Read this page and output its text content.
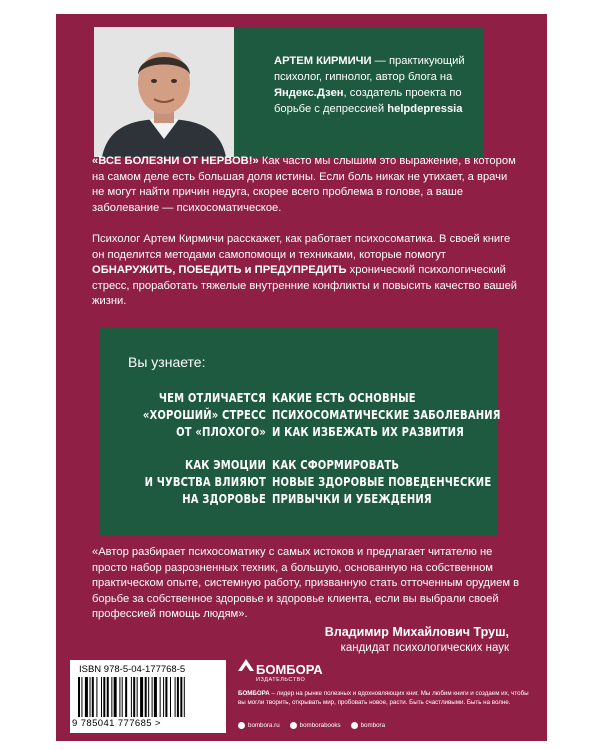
АРТЕМ КИРМИЧИ — практикующий психолог, гипнолог, автор блога на Яндекс.Дзен, создатель проекта по борьбе с депрессией helpdepressia
«ВСЕ БОЛЕЗНИ ОТ НЕРВОВ!» Как часто мы слышим это выражение, в котором на самом деле есть большая доля истины. Если боль никак не утихает, а врачи не могут найти причин недуга, скорее всего проблема в голове, а ваше заболевание — психосоматическое.
Психолог Артем Кирмичи расскажет, как работает психосоматика. В своей книге он поделится методами самопомощи и техниками, которые помогут ОБНАРУЖИТЬ, ПОБЕДИТЬ и ПРЕДУПРЕДИТЬ хронический психологический стресс, проработать тяжелые внутренние конфликты и повысить качество вашей жизни.
Вы узнаете:
ЧЕМ ОТЛИЧАЕТСЯ
«ХОРОШИЙ» СТРЕСС
ОТ «ПЛОХОГО»
КАКИЕ ЕСТЬ ОСНОВНЫЕ
ПСИХОСОМАТИЧЕСКИЕ ЗАБОЛЕВАНИЯ
И КАК ИЗБЕЖАТЬ ИХ РАЗВИТИЯ
КАК ЭМОЦИИ
И ЧУВСТВА ВЛИЯЮТ
НА ЗДОРОВЬЕ
КАК СФОРМИРОВАТЬ
НОВЫЕ ЗДОРОВЫЕ ПОВЕДЕНЧЕСКИЕ
ПРИВЫЧКИ И УБЕЖДЕНИЯ
«Автор разбирает психосоматику с самых истоков и предлагает читателю не просто набор разрозненных техник, а большую, основанную на собственном практическом опыте, системную работу, призванную стать отточенным орудием в борьбе за собственное здоровье и здоровье клиента, если вы выбрали своей профессией помощь людям».
Владимир Михайлович Труш,
кандидат психологических наук
ISBN 978-5-04-177768-5
9 785041 777685 >
БОМБОРА
ИЗДАТЕЛЬСТВО
БОМБОРА – лидер на рынке полезных и вдохновляющих книг. Мы любим книги и создаем их, чтобы вы могли творить, открывать мир, пробовать новое, расти. Быть счастливыми. Быть на волне.
bombora.ru	bomborabooks	bombora
